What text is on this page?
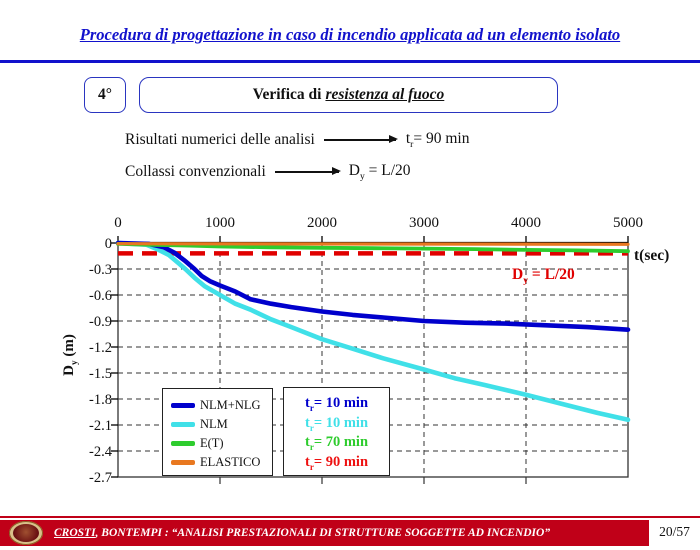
Procedura di progettazione in caso di incendio applicata ad un elemento isolato
4°	Verifica di resistenza al fuoco
Risultati numerici delle analisi	$t_r= 90$ min
Collassi convenzionali	$D_y = L/20$
0	1000	2000	3000	4000	5000
0
-0.3
-0.6
-0.9
-1.2
-1.5
-1.8
-2.1
-2.4
-2.7
t(sec)
$D_y$ (m)
$D_y = L/20$
NLM+NLG
NLM
E(T)
ELASTICO
$t_r= 10$ min
$t_r= 10$ min
$t_r= 70$ min
$t_r= 90$ min
CROSTI, BONTEMPI : “ANALISI PRESTAZIONALI DI STRUTTURE SOGGETTE AD INCENDIO”	20/57
